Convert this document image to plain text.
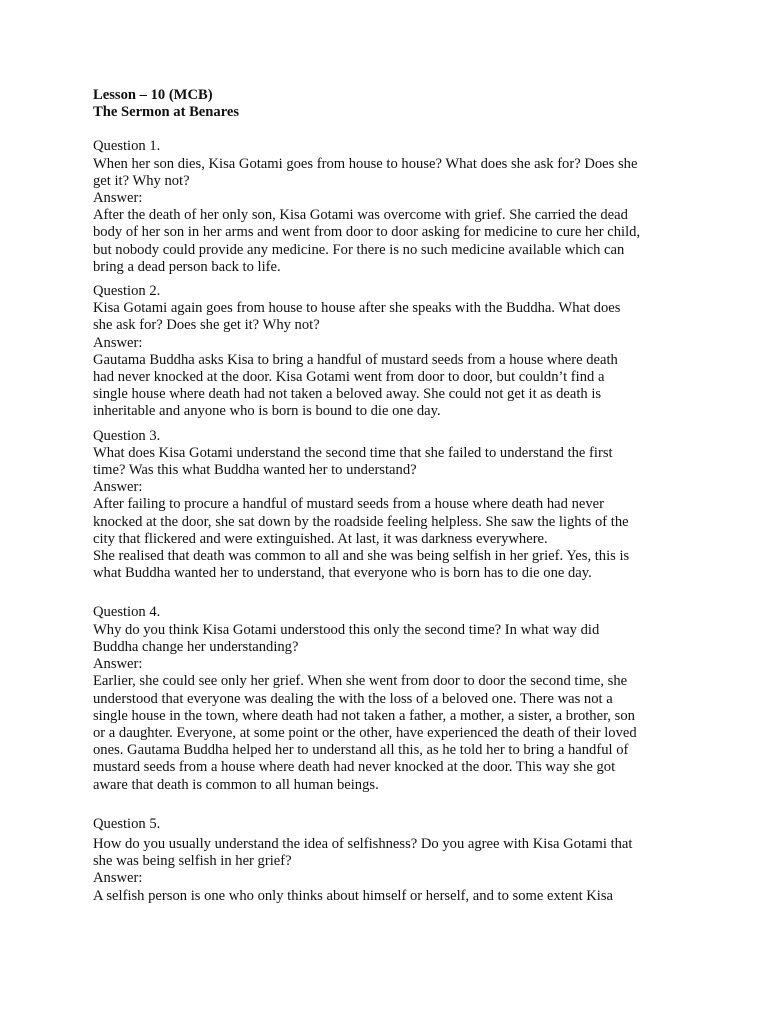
Lesson – 10 (MCB)
The Sermon at Benares
Question 1.
When her son dies, Kisa Gotami goes from house to house? What does she ask for? Does she
get it? Why not?
Answer:
After the death of her only son, Kisa Gotami was overcome with grief. She carried the dead
body of her son in her arms and went from door to door asking for medicine to cure her child,
but nobody could provide any medicine. For there is no such medicine available which can
bring a dead person back to life.
Question 2.
Kisa Gotami again goes from house to house after she speaks with the Buddha. What does
she ask for? Does she get it? Why not?
Answer:
Gautama Buddha asks Kisa to bring a handful of mustard seeds from a house where death
had never knocked at the door. Kisa Gotami went from door to door, but couldn’t find a
single house where death had not taken a beloved away. She could not get it as death is
inheritable and anyone who is born is bound to die one day.
Question 3.
What does Kisa Gotami understand the second time that she failed to understand the first
time? Was this what Buddha wanted her to understand?
Answer:
After failing to procure a handful of mustard seeds from a house where death had never
knocked at the door, she sat down by the roadside feeling helpless. She saw the lights of the
city that flickered and were extinguished. At last, it was darkness everywhere.
She realised that death was common to all and she was being selfish in her grief. Yes, this is
what Buddha wanted her to understand, that everyone who is born has to die one day.
Question 4.
Why do you think Kisa Gotami understood this only the second time? In what way did
Buddha change her understanding?
Answer:
Earlier, she could see only her grief. When she went from door to door the second time, she
understood that everyone was dealing the with the loss of a beloved one. There was not a
single house in the town, where death had not taken a father, a mother, a sister, a brother, son
or a daughter. Everyone, at some point or the other, have experienced the death of their loved
ones. Gautama Buddha helped her to understand all this, as he told her to bring a handful of
mustard seeds from a house where death had never knocked at the door. This way she got
aware that death is common to all human beings.
Question 5.
How do you usually understand the idea of selfishness? Do you agree with Kisa Gotami that
she was being selfish in her grief?
Answer:
A selfish person is one who only thinks about himself or herself, and to some extent Kisa
